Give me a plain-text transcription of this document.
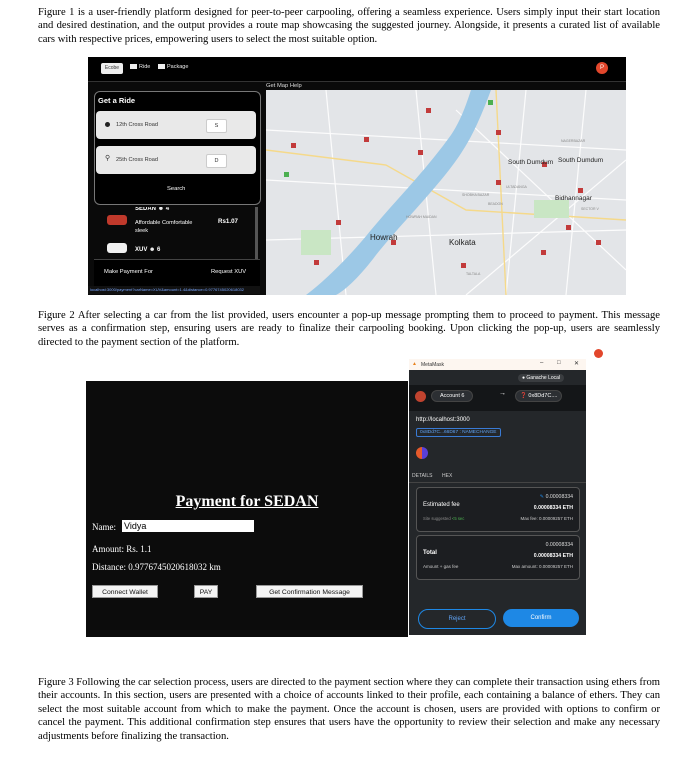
Figure 1 is a user-friendly platform designed for peer-to-peer carpooling, offering a seamless experience. Users simply input their start location and desired destination, and the output provides a route map showcasing the suggested journey. Alongside, it presents a curated list of available cars with respective prices, empowering users to select the most suitable option.

Ecobe	Ride	Package	P
Get a Ride
12th Cross Road	S
⚲ 25th Cross Road	D
Search
SEDAN ☻ 4
Affordable Comfortable sleek
Rs1.07
XUV ☻ 6
Make Payment For	Request XUV
localhost:3000/payment?carName=XUV&amount=1.4&distance=0.9776745020618032
Get Map Help
Howrah
Kolkata
South Dumdum South Dumdum
Bidhannagar
SHOBHA BAZAR
HOWRAH MAIDAN
TALTALA
BEADON
ULTADANGA
SECTOR V
NAGERBAZAR

Figure 2 After selecting a car from the list provided, users encounter a pop-up message prompting them to proceed to payment. This message serves as a confirmation step, ensuring users are ready to finalize their carpooling booking. Upon clicking the pop-up, users are seamlessly directed to the payment section of the platform.

Payment for SEDAN
Name:
Vidya
Amount: Rs. 1.1
Distance: 0.9776745020618032 km
Connect Wallet	PAY	Get Confirmation Message
▲ MetaMask	– □ ✕
● Ganache Local
Account 6	→	❓ 0x8Dd7C....
http://localhost:3000
0x8Dd7C...66D67 : NAMECHANGE
DETAILS HEX
Estimated fee
✎ 0.00008334
0.00008334 ETH
Site suggested <5 sec	Max fee: 0.00009257 ETH
Total
0.00008334
0.00008334 ETH
Amount + gas fee	Max amount: 0.00009257 ETH
Reject	Confirm

Figure 3 Following the car selection process, users are directed to the payment section where they can complete their transaction using ethers from their accounts. In this section, users are presented with a choice of accounts linked to their profile, each containing a balance of ethers. They can select the most suitable account from which to make the payment. Once the account is chosen, users are provided with options to confirm or cancel the payment. This additional confirmation step ensures that users have the opportunity to review their selection and make any necessary adjustments before finalizing the transaction.
